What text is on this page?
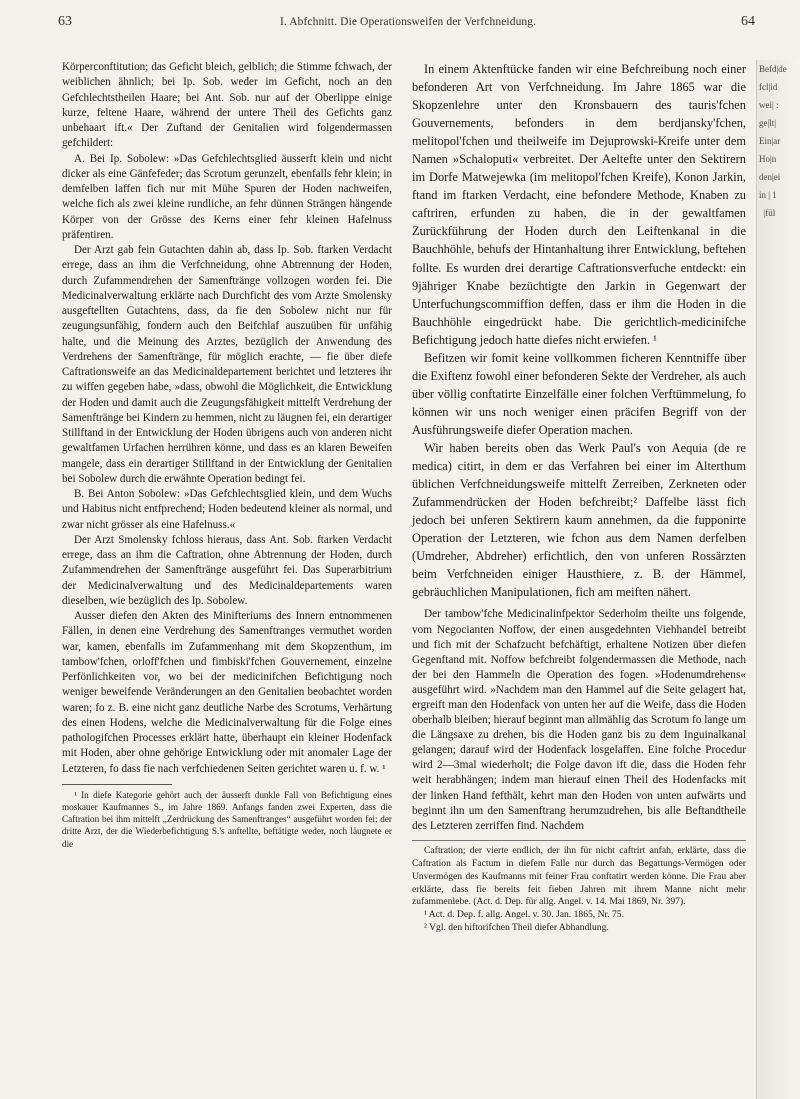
63	I. Abfchnitt. Die Operationsweifen der Verfchneidung.	64

Körperconftitution; das Geficht bleich, gelblich; die Stimme fchwach, der weiblichen ähnlich; bei Ip. Sob. weder im Geficht, noch an den Gefchlechtstheilen Haare; bei Ant. Sob. nur auf der Oberlippe einige kurze, feltene Haare, während der untere Theil des Gefichts ganz unbehaart ift.« Der Zuftand der Genitalien wird folgendermassen gefchildert:

A. Bei Ip. Sobolew: »Das Gefchlechtsglied äusserft klein und nicht dicker als eine Gänfefeder; das Scrotum gerunzelt, ebenfalls fehr klein; in demfelben laffen fich nur mit Mühe Spuren der Hoden nachweifen, welche fich als zwei kleine rundliche, an fehr dünnen Strängen hängende Körper von der Grösse des Kerns einer fehr kleinen Hafelnuss präfentiren.

Der Arzt gab fein Gutachten dahin ab, dass Ip. Sob. ftarken Verdacht errege, dass an ihm die Verfchneidung, ohne Abtrennung der Hoden, durch Zufammendrehen der Samenftränge vollzogen worden fei. Die Medicinalverwaltung erklärte nach Durchficht des vom Arzte Smolensky ausgeftellten Gutachtens, dass, da fie den Sobolew nicht nur für zeugungsunfähig, fondern auch den Beifchlaf auszuüben für unfähig halte, und die Meinung des Arztes, bezüglich der Anwendung des Verdrehens der Samenftränge, für möglich erachte, — fie über diefe Caftrationsweife an das Medicinaldepartement berichtet und letzteres ihr zu wiffen gegeben habe, »dass, obwohl die Möglichkeit, die Entwicklung der Hoden und damit auch die Zeugungsfähigkeit mittelft Verdrehung der Samenftränge bei Kindern zu hemmen, nicht zu läugnen fei, ein derartiger Stillftand in der Entwicklung der Hoden übrigens auch von anderen nicht gewaltfamen Urfachen herrühren könne, und dass es an klaren Beweifen mangele, dass ein derartiger Stillftand in der Entwicklung der Genitalien bei Sobolew durch die erwähnte Operation bedingt fei.

B. Bei Anton Sobolew: »Das Gefchlechtsglied klein, und dem Wuchs und Habitus nicht entfprechend; Hoden bedeutend kleiner als normal, und zwar nicht grösser als eine Hafelnuss.«

Der Arzt Smolensky fchloss hieraus, dass Ant. Sob. ftarken Verdacht errege, dass an ihm die Caftration, ohne Abtrennung der Hoden, durch Zufammendrehen der Samenftränge ausgeführt fei. Das Superarbitrium der Medicinalverwaltung und des Medicinaldepartements waren dieselben, wie bezüglich des Ip. Sobolew.

Ausser diefen den Akten des Minifteriums des Innern entnommenen Fällen, in denen eine Verdrehung des Samenftranges vermuthet worden war, kamen, ebenfalls im Zufammenhang mit dem Skopzenthum, im tambow'fchen, orloff'fchen und fimbiski'fchen Gouvernement, einzelne Perfönlichkeiten vor, wo bei der medicinifchen Befichtigung noch weniger beweifende Veränderungen an den Genitalien beobachtet worden waren; fo z. B. eine nicht ganz deutliche Narbe des Scrotums, Verhärtung des einen Hodens, welche die Medicinalverwaltung für die Folge eines pathologifchen Processes erklärt hatte, überhaupt ein kleiner Hodenfack mit Hoden, aber ohne gehörige Entwicklung oder mit anomaler Lage der Letzteren, fo dass fie nach verfchiedenen Seiten gerichtet waren u. f. w. ¹

¹ In diefe Kategorie gehört auch der äusserft dunkle Fall von Befichtigung eines moskauer Kaufmannes S., im Jahre 1869. Anfangs fanden zwei Experten, dass die Caftration bei ihm mittelft „Zerdrückung des Samenftranges“ ausgeführt worden fei; der dritte Arzt, der die Wiederbefichtigung S.'s anftellte, beftätigte weder, noch läugnete er die

In einem Aktenftücke fanden wir eine Befchreibung noch einer befonderen Art von Verfchneidung. Im Jahre 1865 war die Skopzenlehre unter den Kronsbauern des tauris'fchen Gouvernements, befonders in dem berdjansky'fchen, melitopol'fchen und theilweife im Dejuprowski-Kreife unter dem Namen »Schaloputi« verbreitet. Der Aeltefte unter den Sektirern im Dorfe Matwejewka (im melitopol'fchen Kreife), Konon Jarkin, ftand im ftarken Verdacht, eine befondere Methode, Knaben zu caftriren, erfunden zu haben, die in der gewaltfamen Zurückführung der Hoden durch den Leiftenkanal in die Bauchhöhle, behufs der Hintanhaltung ihrer Entwicklung, beftehen follte. Es wurden drei derartige Caftrationsverfuche entdeckt: ein 9jähriger Knabe bezüchtigte den Jarkin in Gegenwart der Unterfuchungscommiffion deffen, dass er ihm die Hoden in die Bauchhöhle eingedrückt habe. Die gerichtlich-medicinifche Befichtigung jedoch hatte diefes nicht erwiefen. ¹

Befitzen wir fomit keine vollkommen ficheren Kenntniffe über die Exiftenz fowohl einer befonderen Sekte der Verdreher, als auch über völlig conftatirte Einzelfälle einer folchen Verftümmelung, fo können wir uns noch weniger einen präcifen Begriff von der Ausführungsweife diefer Operation machen.

Wir haben bereits oben das Werk Paul's von Aequia (de re medica) citirt, in dem er das Verfahren bei einer im Alterthum üblichen Verfchneidungsweife mittelft Zerreiben, Zerkneten oder Zufammendrücken der Hoden befchreibt;² Daffelbe lässt fich jedoch bei unferen Sektirern kaum annehmen, da die fupponirte Operation der Letzteren, wie fchon aus dem Namen derfelben (Umdreher, Abdreher) erfichtlich, den von unferen Rossärzten beim Verfchneiden einiger Hausthiere, z. B. der Hämmel, gebräuchlichen Manipulationen, fich am meiften nähert.

Der tambow'fche Medicinalinfpektor Sederholm theilte uns folgende, vom Negocianten Noffow, der einen ausgedehnten Viehhandel betreibt und fich mit der Schafzucht befchäftigt, erhaltene Notizen über diefen Gegenftand mit. Noffow befchreibt folgendermassen die Methode, nach der bei den Hammeln die Operation des fogen. »Hodenumdrehens« ausgeführt wird. »Nachdem man den Hammel auf die Seite gelagert hat, ergreift man den Hodenfack von unten her auf die Weife, dass die Hoden oberhalb bleiben; hierauf beginnt man allmählig das Scrotum fo lange um die Längsaxe zu drehen, bis die Hoden ganz bis zu dem Inguinalkanal gelangen; darauf wird der Hodenfack losgelaffen. Eine folche Procedur wird 2—3mal wiederholt; die Folge davon ift die, dass die Hoden fehr weit herabhängen; indem man hierauf einen Theil des Hodenfacks mit der linken Hand fefthält, kehrt man den Hoden von unten aufwärts und beginnt ihn um den Samenftrang herumzudrehen, bis alle Beftandtheile des Letzteren zerriffen find. Nachdem

Caftration; der vierte endlich, der ihn für nicht caftrirt anfah, erklärte, dass die Caftration als Factum in diefem Falle nur durch das Begattungs-Vermögen oder Unvermögen des Kaufmanns mit feiner Frau conftatirt werden könne. Die Frau aber erklärte, dass fie bereits feit fieben Jahren mit ihrem Manne nicht mehr zufammenlebe. (Act. d. Dep. für allg. Angel. v. 14. Mai 1869, Nr. 397).

¹ Act. d. Dep. f. allg. Angel. v. 30. Jan. 1865, Nr. 75.

² Vgl. den hiftorifchen Theil diefer Abhandlung.

Befd|de
fcl|id
wei| :
ge|lt|
Ein|ar
Ho|n
den|ei
in | 1
|fül
